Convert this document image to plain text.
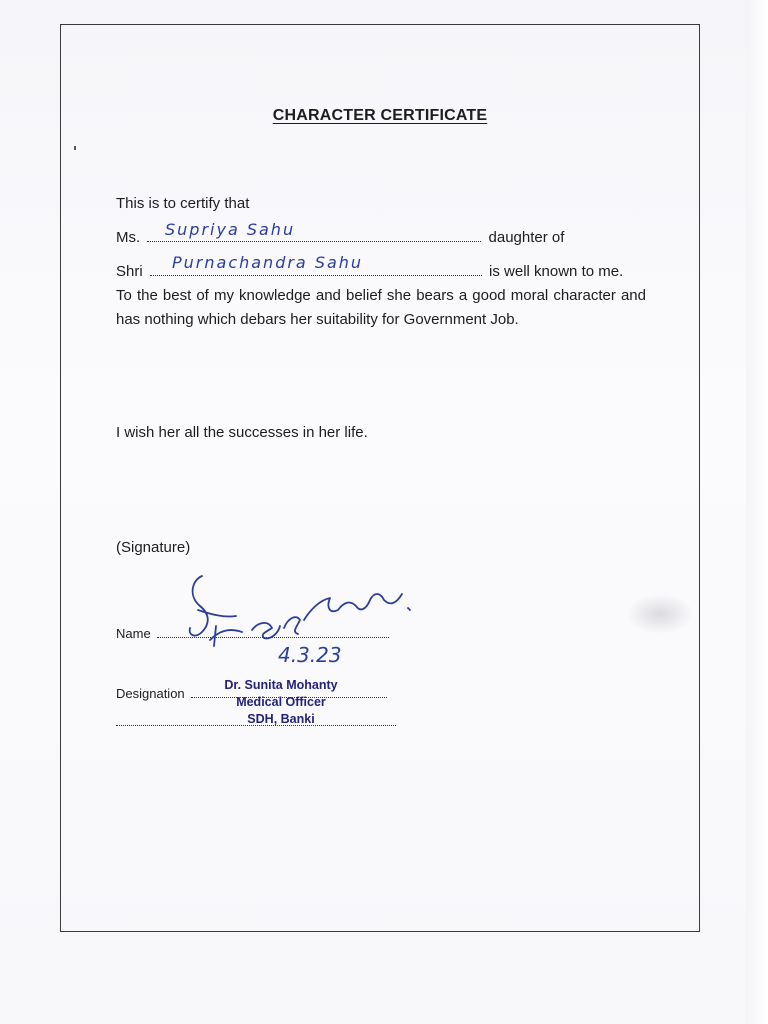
CHARACTER CERTIFICATE
This is to certify that
Ms.	daughter of
Supriya Sahu
Shri	is well known to me.
Purnachandra Sahu
To the best of my knowledge and belief she bears a good moral character and has nothing which debars her suitability for Government Job.
I wish her all the successes in her life.
(Signature)
Name
4.3.23
Designation
Dr. Sunita Mohanty
Medical Officer
SDH, Banki
